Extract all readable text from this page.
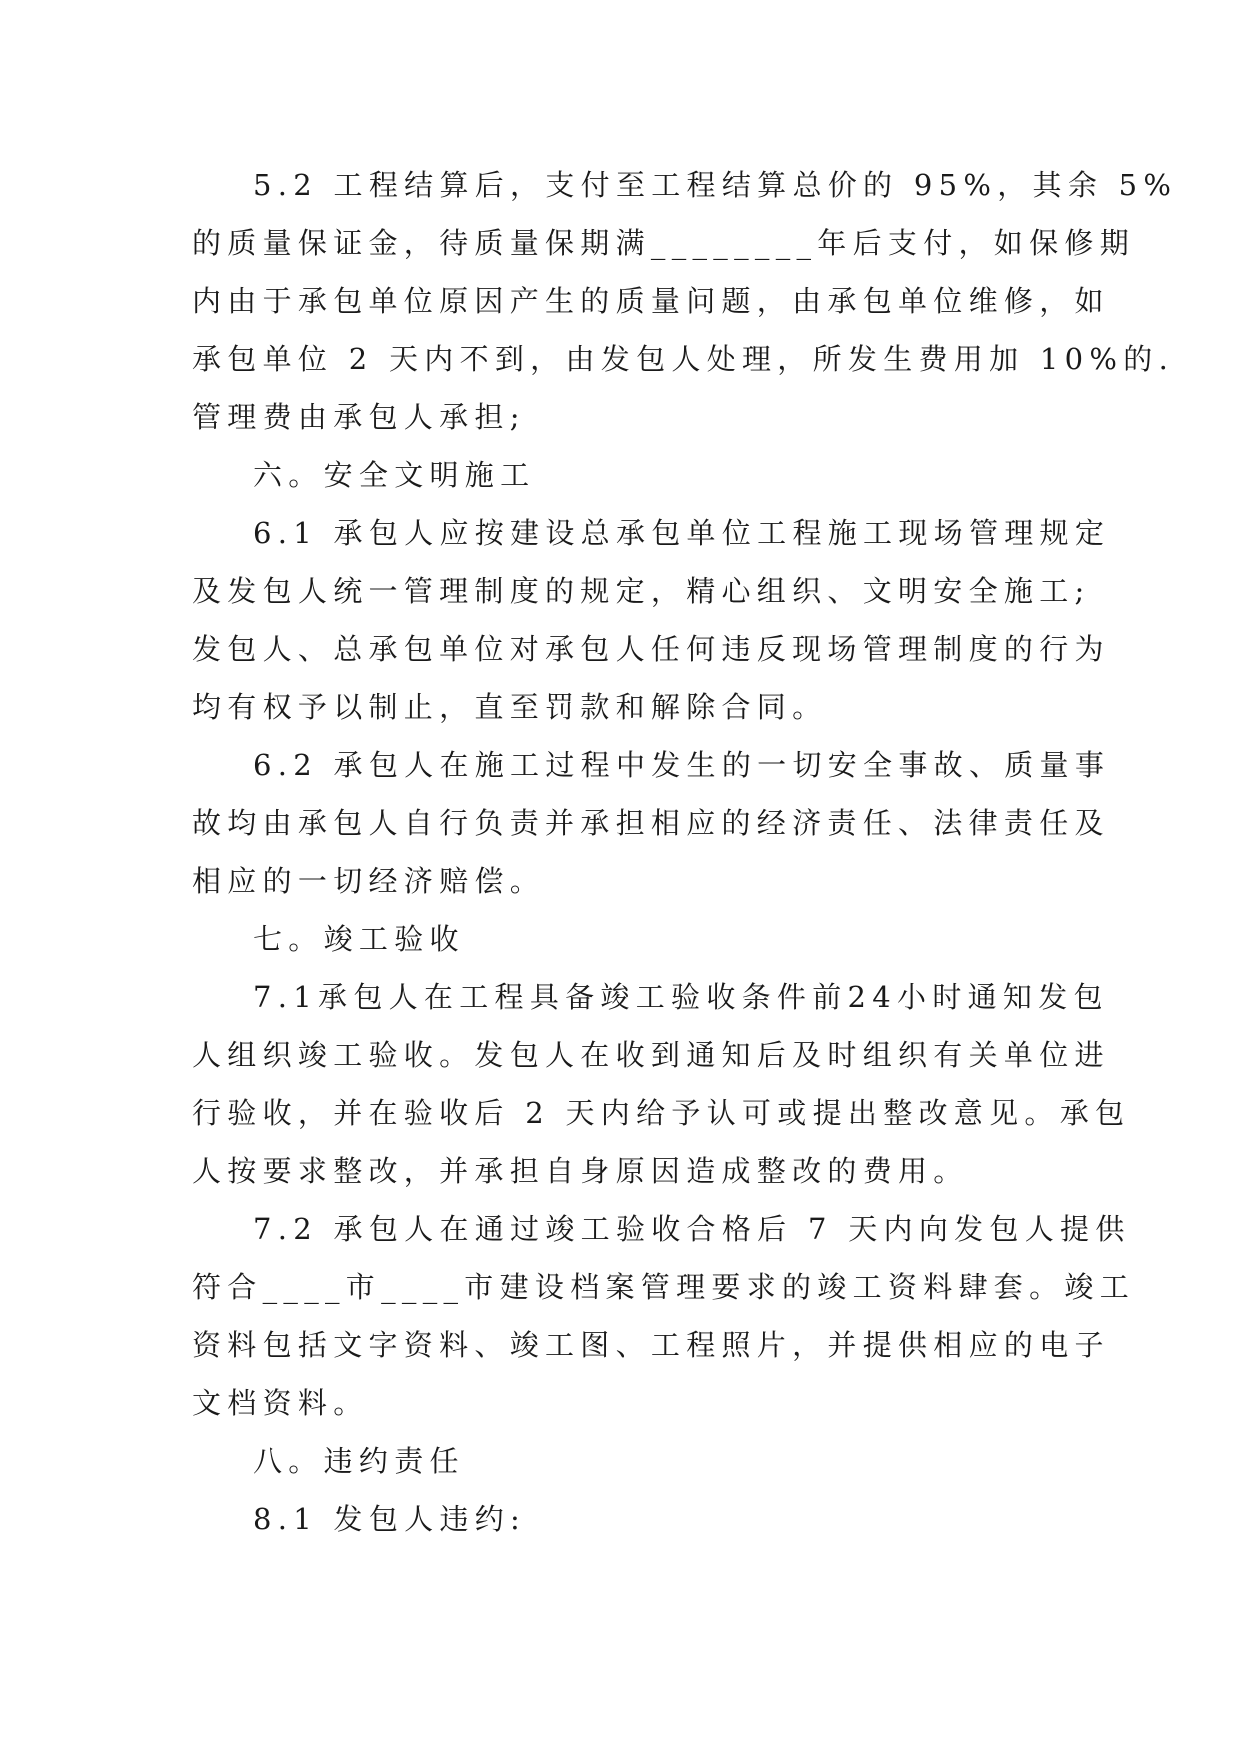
5.2 工程结算后，支付至工程结算总价的 95%，其余 5%
的质量保证金，待质量保期满________年后支付，如保修期
内由于承包单位原因产生的质量问题，由承包单位维修，如
承包单位 2 天内不到，由发包人处理，所发生费用加 10%的.
管理费由承包人承担;
六。安全文明施工
6.1 承包人应按建设总承包单位工程施工现场管理规定
及发包人统一管理制度的规定，精心组织、文明安全施工;
发包人、总承包单位对承包人任何违反现场管理制度的行为
均有权予以制止，直至罚款和解除合同。
6.2 承包人在施工过程中发生的一切安全事故、质量事
故均由承包人自行负责并承担相应的经济责任、法律责任及
相应的一切经济赔偿。
七。竣工验收
7.1承包人在工程具备竣工验收条件前24小时通知发包
人组织竣工验收。发包人在收到通知后及时组织有关单位进
行验收，并在验收后 2 天内给予认可或提出整改意见。承包
人按要求整改，并承担自身原因造成整改的费用。
7.2 承包人在通过竣工验收合格后 7 天内向发包人提供
符合____市____市建设档案管理要求的竣工资料肆套。竣工
资料包括文字资料、竣工图、工程照片，并提供相应的电子
文档资料。
八。违约责任
8.1 发包人违约:
